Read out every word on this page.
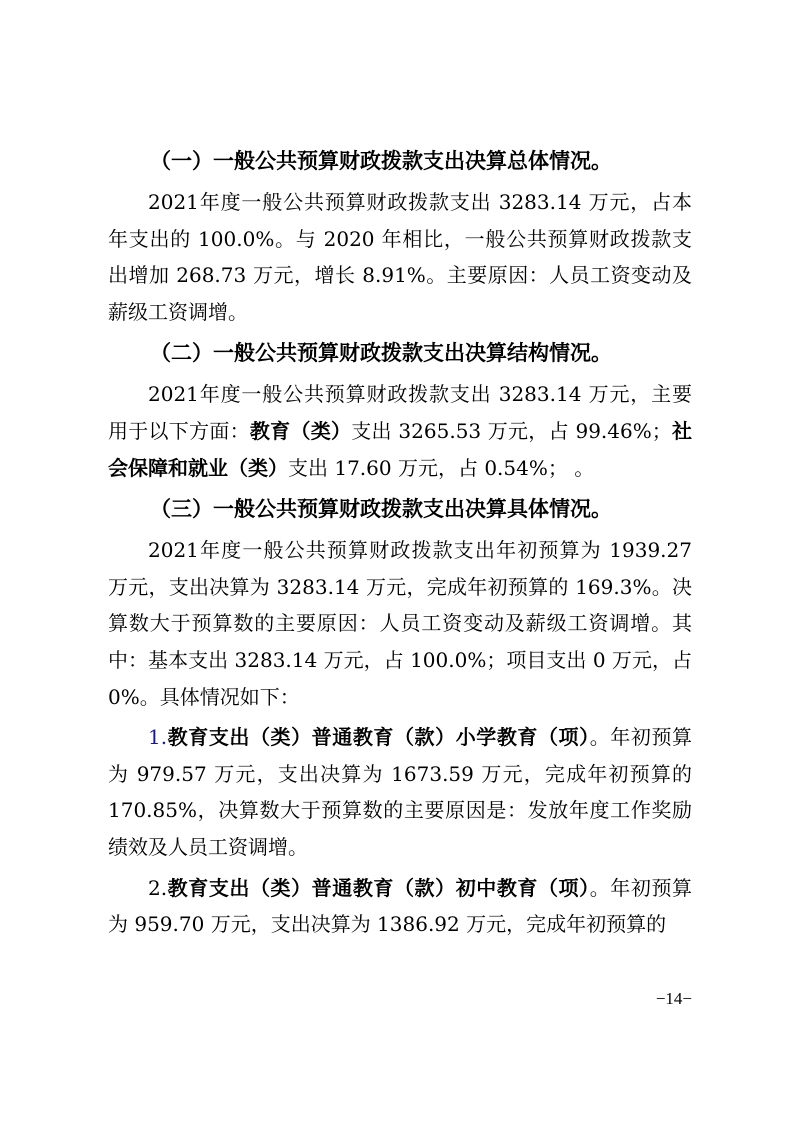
（一）一般公共预算财政拨款支出决算总体情况。

2021年度一般公共预算财政拨款支出 3283.14 万元，占本年支出的 100.0%。与 2020 年相比，一般公共预算财政拨款支出增加 268.73 万元，增长 8.91%。主要原因：人员工资变动及薪级工资调增。

（二）一般公共预算财政拨款支出决算结构情况。

2021年度一般公共预算财政拨款支出 3283.14 万元，主要用于以下方面：教育（类）支出 3265.53 万元，占 99.46%；社会保障和就业（类）支出 17.60 万元，占 0.54%； 。

（三）一般公共预算财政拨款支出决算具体情况。

2021年度一般公共预算财政拨款支出年初预算为 1939.27 万元，支出决算为 3283.14 万元，完成年初预算的 169.3%。决算数大于预算数的主要原因：人员工资变动及薪级工资调增。其中：基本支出 3283.14 万元，占 100.0%；项目支出 0 万元，占 0%。具体情况如下：

1.教育支出（类）普通教育（款）小学教育（项）。年初预算为 979.57 万元，支出决算为 1673.59 万元，完成年初预算的 170.85%，决算数大于预算数的主要原因是：发放年度工作奖励绩效及人员工资调增。

2.教育支出（类）普通教育（款）初中教育（项）。年初预算为 959.70 万元，支出决算为 1386.92 万元，完成年初预算的

−14−
